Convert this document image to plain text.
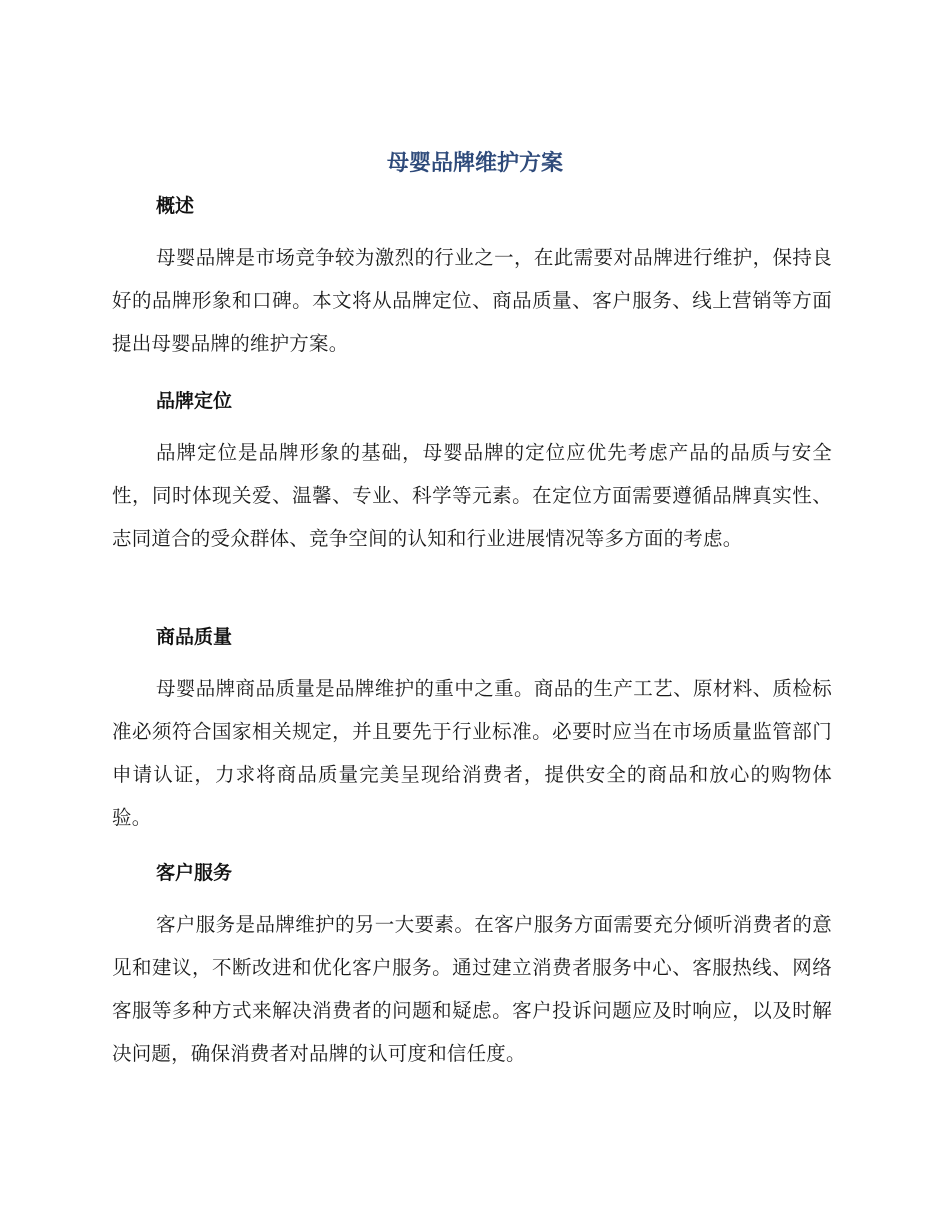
母婴品牌维护方案
概述

母婴品牌是市场竞争较为激烈的行业之一，在此需要对品牌进行维护，保持良好的品牌形象和口碑。本文将从品牌定位、商品质量、客户服务、线上营销等方面提出母婴品牌的维护方案。

品牌定位

品牌定位是品牌形象的基础，母婴品牌的定位应优先考虑产品的品质与安全性，同时体现关爱、温馨、专业、科学等元素。在定位方面需要遵循品牌真实性、志同道合的受众群体、竞争空间的认知和行业进展情况等多方面的考虑。

商品质量

母婴品牌商品质量是品牌维护的重中之重。商品的生产工艺、原材料、质检标准必须符合国家相关规定，并且要先于行业标准。必要时应当在市场质量监管部门申请认证，力求将商品质量完美呈现给消费者，提供安全的商品和放心的购物体验。

客户服务

客户服务是品牌维护的另一大要素。在客户服务方面需要充分倾听消费者的意见和建议，不断改进和优化客户服务。通过建立消费者服务中心、客服热线、网络客服等多种方式来解决消费者的问题和疑虑。客户投诉问题应及时响应，以及时解决问题，确保消费者对品牌的认可度和信任度。
